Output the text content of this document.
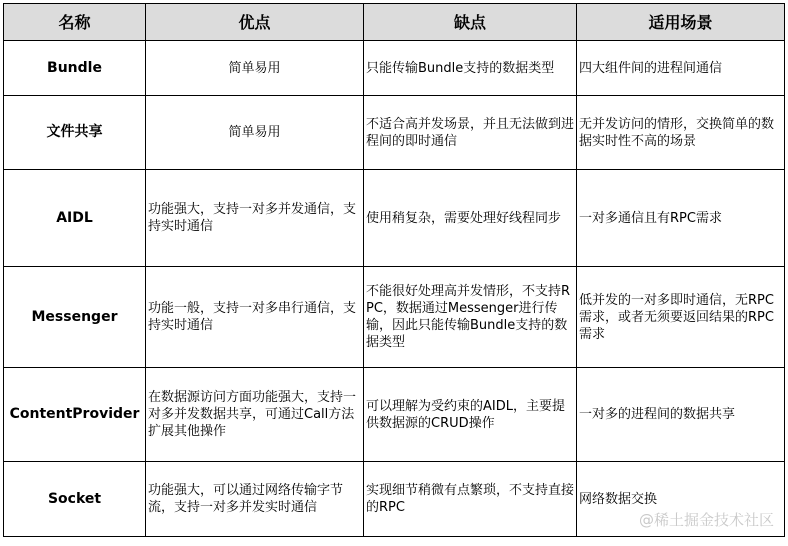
名称	优点	缺点	适用场景
Bundle	简单易用	只能传输Bundle支持的数据类型	四大组件间的进程间通信
文件共享	简单易用	不适合高并发场景，并且无法做到进程间的即时通信	无并发访问的情形，交换简单的数据实时性不高的场景
AIDL	功能强大，支持一对多并发通信，支持实时通信	使用稍复杂，需要处理好线程同步	一对多通信且有RPC需求
Messenger	功能一般，支持一对多串行通信，支持实时通信	不能很好处理高并发情形，不支持RPC，数据通过Messenger进行传输，因此只能传输Bundle支持的数据类型	低并发的一对多即时通信，无RPC需求，或者无须要返回结果的RPC需求
ContentProvider	在数据源访问方面功能强大，支持一对多并发数据共享，可通过Call方法扩展其他操作	可以理解为受约束的AIDL，主要提供数据源的CRUD操作	一对多的进程间的数据共享
Socket	功能强大，可以通过网络传输字节流，支持一对多并发实时通信	实现细节稍微有点繁琐，不支持直接的RPC	网络数据交换
@稀土掘金技术社区
